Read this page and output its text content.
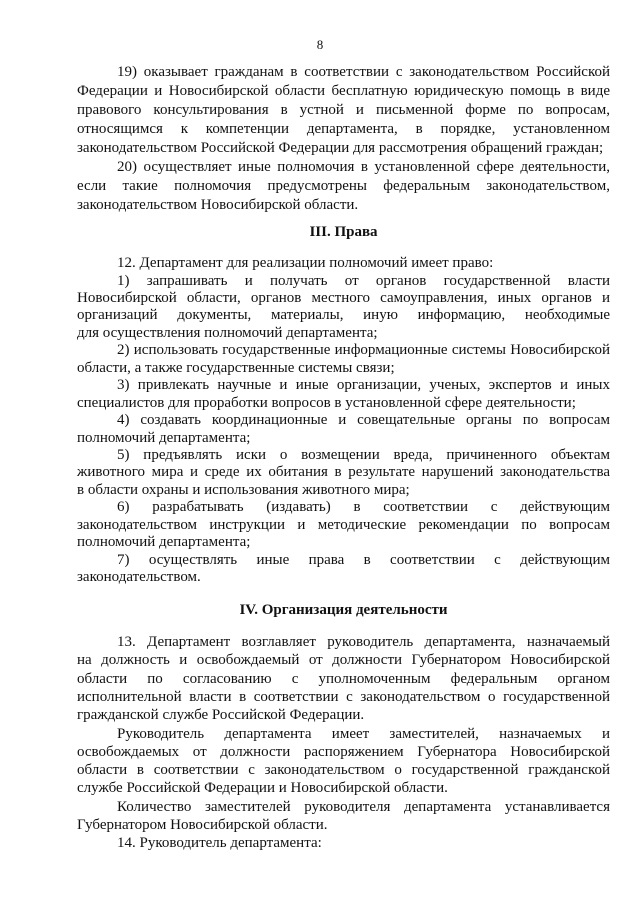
8
19) оказывает гражданам в соответствии с законодательством Российской
Федерации и Новосибирской области бесплатную юридическую помощь в виде
правового консультирования в устной и письменной форме по вопросам,
относящимся к компетенции департамента, в порядке, установленном
законодательством Российской Федерации для рассмотрения обращений граждан;
20) осуществляет иные полномочия в установленной сфере деятельности,
если такие полномочия предусмотрены федеральным законодательством,
законодательством Новосибирской области.
III. Права
12. Департамент для реализации полномочий имеет право:
1) запрашивать и получать от органов государственной власти
Новосибирской области, органов местного самоуправления, иных органов и
организаций документы, материалы, иную информацию, необходимые
для осуществления полномочий департамента;
2) использовать государственные информационные системы Новосибирской
области, а также государственные системы связи;
3) привлекать научные и иные организации, ученых, экспертов и иных
специалистов для проработки вопросов в установленной сфере деятельности;
4) создавать координационные и совещательные органы по вопросам
полномочий департамента;
5) предъявлять иски о возмещении вреда, причиненного объектам
животного мира и среде их обитания в результате нарушений законодательства
в области охраны и использования животного мира;
6) разрабатывать (издавать) в соответствии с действующим
законодательством инструкции и методические рекомендации по вопросам
полномочий департамента;
7) осуществлять иные права в соответствии с действующим
законодательством.
IV. Организация деятельности
13. Департамент возглавляет руководитель департамента, назначаемый
на должность и освобождаемый от должности Губернатором Новосибирской
области по согласованию с уполномоченным федеральным органом
исполнительной власти в соответствии с законодательством о государственной
гражданской службе Российской Федерации.
Руководитель департамента имеет заместителей, назначаемых и
освобождаемых от должности распоряжением Губернатора Новосибирской
области в соответствии с законодательством о государственной гражданской
службе Российской Федерации и Новосибирской области.
Количество заместителей руководителя департамента устанавливается
Губернатором Новосибирской области.
14. Руководитель департамента:
